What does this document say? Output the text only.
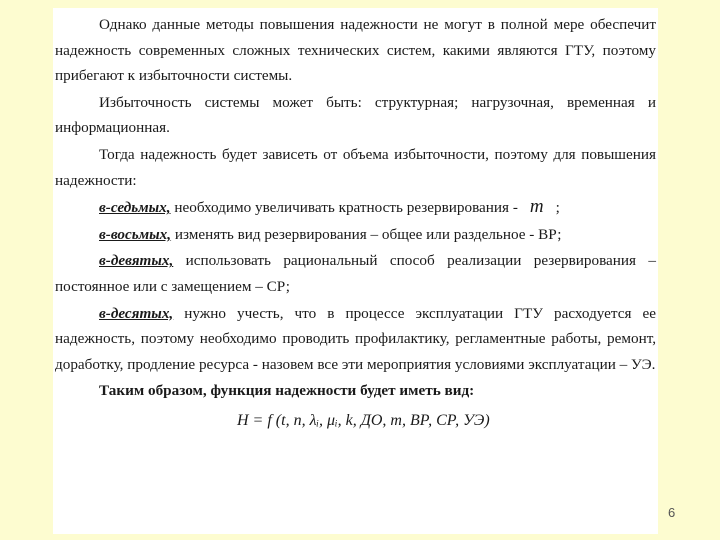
Однако данные методы повышения надежности не могут в полной мере обеспечит надежность современных сложных технических систем, какими являются ГТУ, поэтому прибегают к избыточности системы.

Избыточность системы может быть: структурная; нагрузочная, временная и информационная.

Тогда надежность будет зависеть от объема избыточности, поэтому для повышения надежности:

в-седьмых, необходимо увеличивать кратность резервирования - m ;

в-восьмых, изменять вид резервирования – общее или раздельное - ВР;

в-девятых, использовать рациональный способ реализации резервирования – постоянное или с замещением – СР;

в-десятых, нужно учесть, что в процессе эксплуатации ГТУ расходуется ее надежность, поэтому необходимо проводить профилактику, регламентные работы, ремонт, доработку, продление ресурса - назовем все эти мероприятия условиями эксплуатации – УЭ.

Таким образом, функция надежности будет иметь вид:

H = f (t, n, λᵢ, μᵢ, k, ДО, m, ВР, СР, УЭ)
6
